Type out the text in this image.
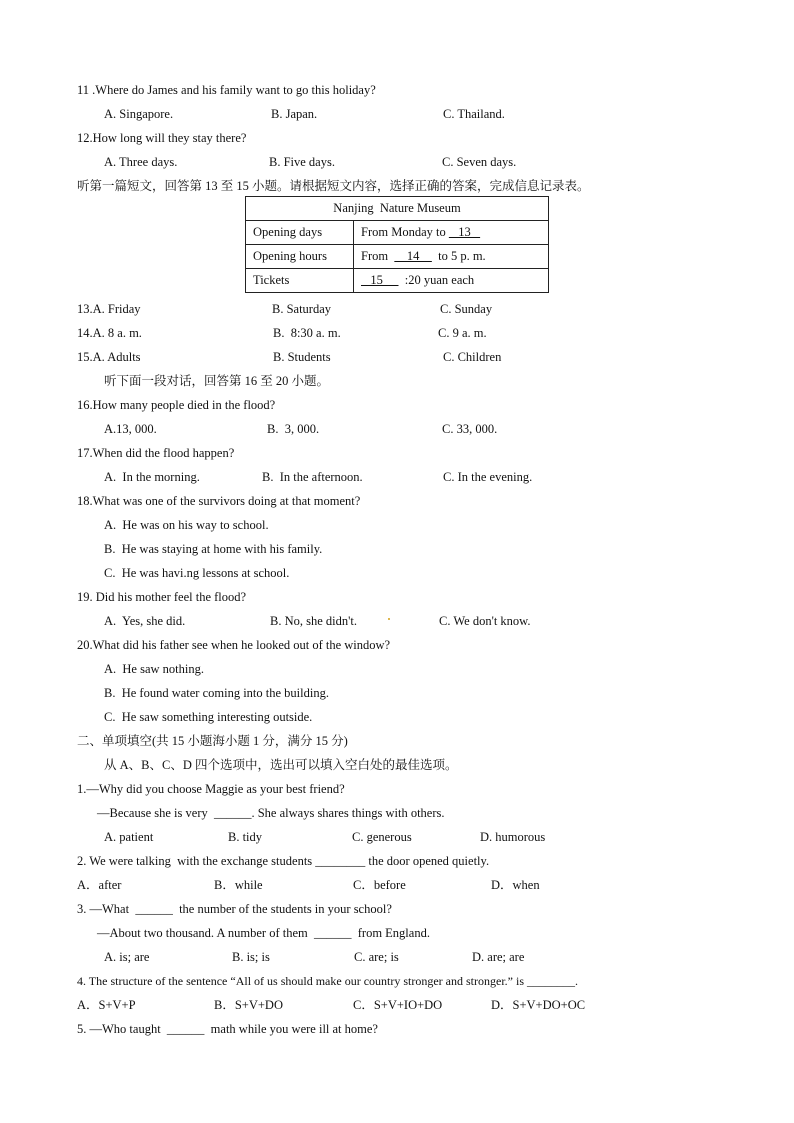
11 .Where do James and his family want to go this holiday?
A. Singapore.	B. Japan.	C. Thailand.
12.How long will they stay there?
A. Three days.	B. Five days.	C. Seven days.
听第一篇短文，回答第 13 至 15 小题。请根据短文内容，选择正确的答案，完成信息记录表。
Nanjing  Nature Museum	
Opening days	From Monday to    13
Opening hours	From      14      to 5 p. m.
Tickets	15       :20 yuan each
13.A. Friday	B. Saturday	C. Sunday
14.A. 8 a. m.	B.  8:30 a. m.	C. 9 a. m.
15.A. Adults	B. Students	C. Children
听下面一段对话，回答第 16 至 20 小题。
16.How many people died in the flood?
A.13, 000.	B.  3, 000.	C. 33, 000.
17.When did the flood happen?
A.  In the morning.	B.  In the afternoon.	C. In the evening.
18.What was one of the survivors doing at that moment?
A.  He was on his way to school.
B.  He was staying at home with his family.
C.  He was havi.ng lessons at school.
19. Did his mother feel the flood?
A.  Yes, she did.	B. No, she didn't.	C. We don't know.
20.What did his father see when he looked out of the window?
A.  He saw nothing.
B.  He found water coming into the building.
C.  He saw something interesting outside.
二、单项填空(共 15 小题海小题 1 分，满分 15 分)
从 A、B、C、D 四个选项中，选出可以填入空白处的最佳选项。
1.—Why did you choose Maggie as your best friend?
—Because she is very  ______. She always shares things with others.
A. patient	B. tidy	C. generous	D. humorous
2. We were talking  with the exchange students ________ the door opened quietly.
A．after	B．while	C．before	D．when
3. —What  ______  the number of the students in your school?
—About two thousand. A number of them  ______  from England.
A. is; are	B. is; is	C. are; is	D. are; are
4. The structure of the sentence “All of us should make our country stronger and stronger.” is ________.
A．S+V+P	B．S+V+DO	C．S+V+IO+DO	D．S+V+DO+OC
5. —Who taught  ______  math while you were ill at home?
